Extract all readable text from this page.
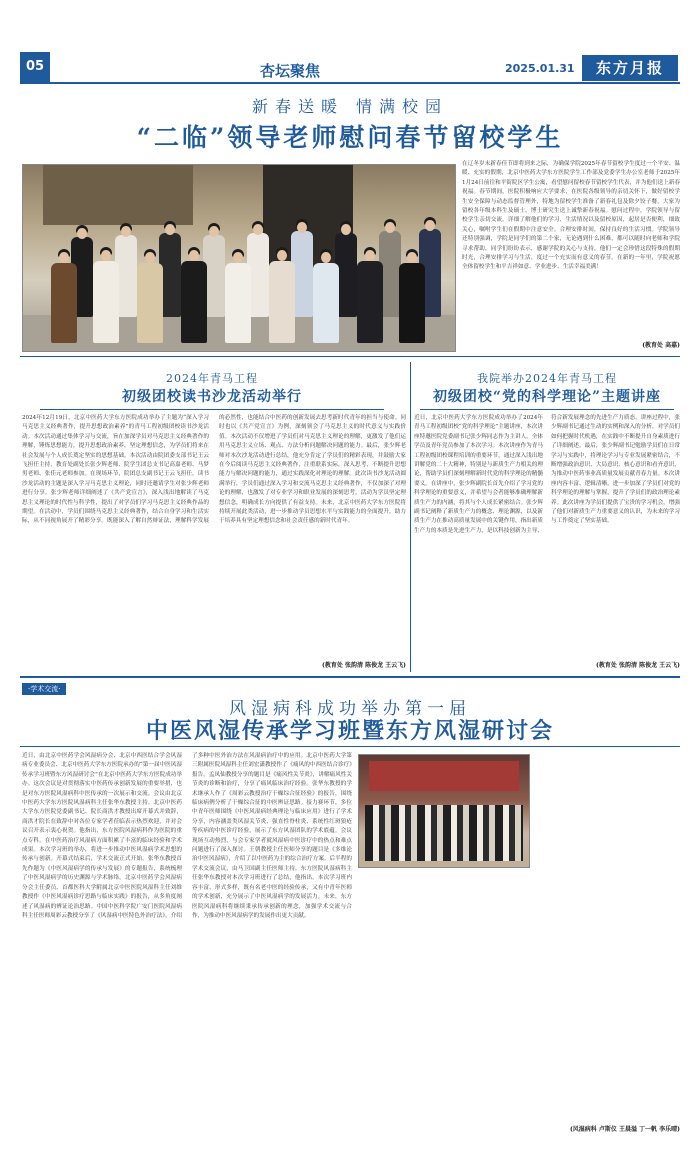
05	杏坛聚焦	2025.01.31	东方月报
新春送暖 情满校园
“二临”领导老师慰问春节留校学生
在辽冬岁末新春佳节即将到来之际，为确保学院2025年春节留校学生度过一个平安、温暖、充实的假期，北京中医药大学东方医院学生工作部及党委学生办公室老师于2025年1月24日前往和平街院区学生公寓，看望慰问留校春节留校学生代表，并为他们送上新春祝福。春节期间，医院积极响应大学要求，在医院各级领导的亲切关怀下，做好留校学生安全保障与动态监督管理外，特地为留校学生准备了新春礼包及除夕饺子餐，大家为留校各年级本科生及硕士、博士研究生送上诚挚新春祝福。慰问过程中，学院领导与留校学生亲切交流，详细了解他们的学习、生活情况以及留校原因，起居是否便利，细致关心，嘱咐学生们在假期中注意安全。合理安排时间，保持良好的生活习惯。学院领导还特别强调，学院是同学们的第二个家，无论遇到什么困难，都可以随时向老师和学院寻求帮助，同学们纷纷表示，感谢学院的关心与支持，他们一定会珍惜这段特殊的假期时光，合理安排学习与生活，度过一个充实而有意义的春节。在新的一年里，学院祝愿全体留校学生和平吉祥如意、学业进步、生活幸福美满！
(教育处 高嘉)
2024年青马工程
初级团校读书沙龙活动举行
2024年12月19日，北京中医药大学东方医院成功举办了主题为“深入学习马克思主义经典著作，提升思想政治素养”的青马工程初级团校读书沙龙活动。本次活动通过集体学习与交流，旨在加深学员对马克思主义经典著作的理解，锤炼思想能力，提升思想政治素养，坚定理想信念，为学员们将来在社会发展与个人成长奠定坚实的思想基础。本次活动由院团委支部书记王云飞担任主持，教育处副处长张少辉老师、院学生团总支书记高嘉老师、马梦男老师、张佳元老师参加。在现场环节，院团总支副书记王云飞担任，读书沙龙活动的主题是深入学习马克思主义理论，同时还邀请学生对张少辉老师进行分享。张少辉老师详细阐述了《共产党宣言》，深入浅出地解读了马克思主义理论的时代性与科学性，提出了对学员们学习马克思主义经典作品的期望。在活动中，学员们围绕马克思主义经典著作，结合自身学习和生活实际，从不同视角展开了精彩分享。既能深入了解自然辩证法，理解科学发展的必然性，也能结合中医药的创新发展去思考新时代青年的担当与使命。同时也以《共产党宣言》为例，深刻领会了马克思主义的时代意义与实践价值。本次活动不仅增进了学员们对马克思主义理论的理解，更激发了他们运用马克思主义立场、观点、方法分析问题解决问题的能力。最后，张少辉老师对本次沙龙活动进行总结，他充分肯定了学员们的精彩表现，并鼓励大家在今后阅读马克思主义经典著作，注重联系实际，深入思考，不断提升思想能力与解决问题的能力，通过实践深化对理论的理解。此次读书沙龙活动圆满举行，学员们通过深入学习和交流马克思主义经典著作，不仅加深了对理论的理解，也激发了对专业学习和职业发展的深刻思考。活动为学员坚定理想信念，明确成长方向提供了有益支持。未来，北京中医药大学东方医院将持续开展此类活动，进一步推动学员思想水平与实践能力的全面提升，助力于培养具有坚定理想信念和社会责任感的新时代青年。
(教育处 张韵清 陈俊龙 王云飞)
我院举办2024年青马工程
初级团校“党的科学理论”主题讲座
近日，北京中医药大学东方医院成功举办了2024年青马工程初级团校“党的科学理论”主题讲座，本次讲座特邀医院党委副书记张少辉同志作为主讲人，全体学员及青年党员参加了本次学习。本次讲座作为青马工程初级团校课程培训的重要环节，通过深入浅出地讲解党的二十大精神，特别是与新质生产力相关的理论，帮助学员们深刻理解新时代党的科学理论的精髓要义。在讲座中，张少辉副院长首先介绍了学习党的科学理论的重要意义，并希望与会者能够准确理解新质生产力的内涵，将其与个人成长紧密结合。张少辉副书记阐释了新质生产力的概念、理论渊源，以及新质生产力在推动高质量发展中的关键作用，指出新质生产力的本质是先进生产力，是以科技创新为主导、符合新发展理念的先进生产力质态。讲座过程中，张少辉副书记通过生动的实例和深入的分析，对学员们如何把握时代机遇，在实践中不断提升自身素质进行了详细阐述。最后，张少辉副书记勉励学员们在日常学习与实践中，将理论学习与专业发展紧密结合，不断增强政治意识、大局意识、核心意识和看齐意识，为推动中医药事业高质量发展贡献青春力量。本次讲座内容丰富、逻辑清晰，进一步加深了学员们对党的科学理论的理解与掌握，提升了学员们的政治理论素养。此次讲座为学员们提供了宝贵的学习机会，增强了他们对新质生产力重要意义的认识，为未来的学习与工作奠定了坚实基础。
(教育处 张韵清 陈俊龙 王云飞)
·学术交流·
风湿病科成功举办第一届
中医风湿传承学习班暨东方风湿研讨会
近日，由北京中医药学会风湿病分会、北京中西医结合学会风湿病专业委员会、北京中医药大学东方医院承办的“第一届中医风湿传承学习班暨东方风湿研讨会”在北京中医药大学东方医院成功举办。这次会议是对贯彻落实中医药传承创新发展的重要举措，也是对东方医院风湿病科中医传承的一次展示和交流。会议由北京中医药大学东方医院风湿病科主任张华东教授主持。北京中医药大学东方医院党委副书记、院长商洪才教授出席开幕式并致辞，商洪才院长在致辞中对各位专家学者莅临表示热烈欢迎，并对会议召开表示衷心祝贺。他指出，东方医院风湿病科作为医院的重点专科，在中医药治疗风湿病方面积累了丰富的临床经验和学术成果。本次学习班的举办，将进一步推动中医风湿病学术思想的传承与创新。开幕式结束后，学术交流正式开始。张华东教授首先作题为《中医风湿病学的传承与发展》的专题报告，系统梳理了中医风湿病学的历史渊源与学术脉络。北京中医药学会风湿病分会主任委员、首都医科大学附属北京中医医院风湿科主任刘维教授作《中医风湿病诊疗思路与临床实践》的报告，从多角度阐述了风湿病的辨证论治思路。中国中医科学院广安门医院风湿病科主任医师周彩云教授分享了《风湿病中医特色外治疗法》，介绍了多种中医外治方法在风湿病治疗中的应用。北京中医药大学第三附属医院风湿科主任刘宏潇教授作了《痛风的中西医结合诊疗》报告。孟凤仙教授分享的题目是《痛风性关节炎》，讲解痛风性关节炎的诊断和治疗，分享了痛风临床治疗经验。张华东教授的学术继承人作了《周彩云教授治疗干燥综合征经验》的报告，围绕临床病例分析了干燥综合征的中医辨证思路。接力赛环节，多位中青年医师围绕《中医风湿病经典理论与临床应用》进行了学术分享，内容涵盖类风湿关节炎、强直性脊柱炎、系统性红斑狼疮等疾病的中医诊疗经验，展示了东方风湿团队的学术底蕴。会议现场互动热烈，与会专家学者就风湿病中医诊疗中的热点和难点问题进行了深入探讨。王朝教授主任医师分享的题目是《多维论治中医风湿病》，介绍了以中医药为主的综合治疗方案。后半程的学术交流会议，由马卫国副主任医师主持。东方医院风湿病科主任张华东教授对本次学习班进行了总结，他指出，本次学习班内容丰富、形式多样，既有名老中医的经验传承，又有中青年医师的学术创新，充分展示了中医风湿病学的发展活力。未来，东方医院风湿病科将继续秉承传承创新的理念，加强学术交流与合作，为推动中医风湿病学的发展作出更大贡献。
(风湿病科 卢斯仪 王晨溢 丁一帆 李乐晴)
